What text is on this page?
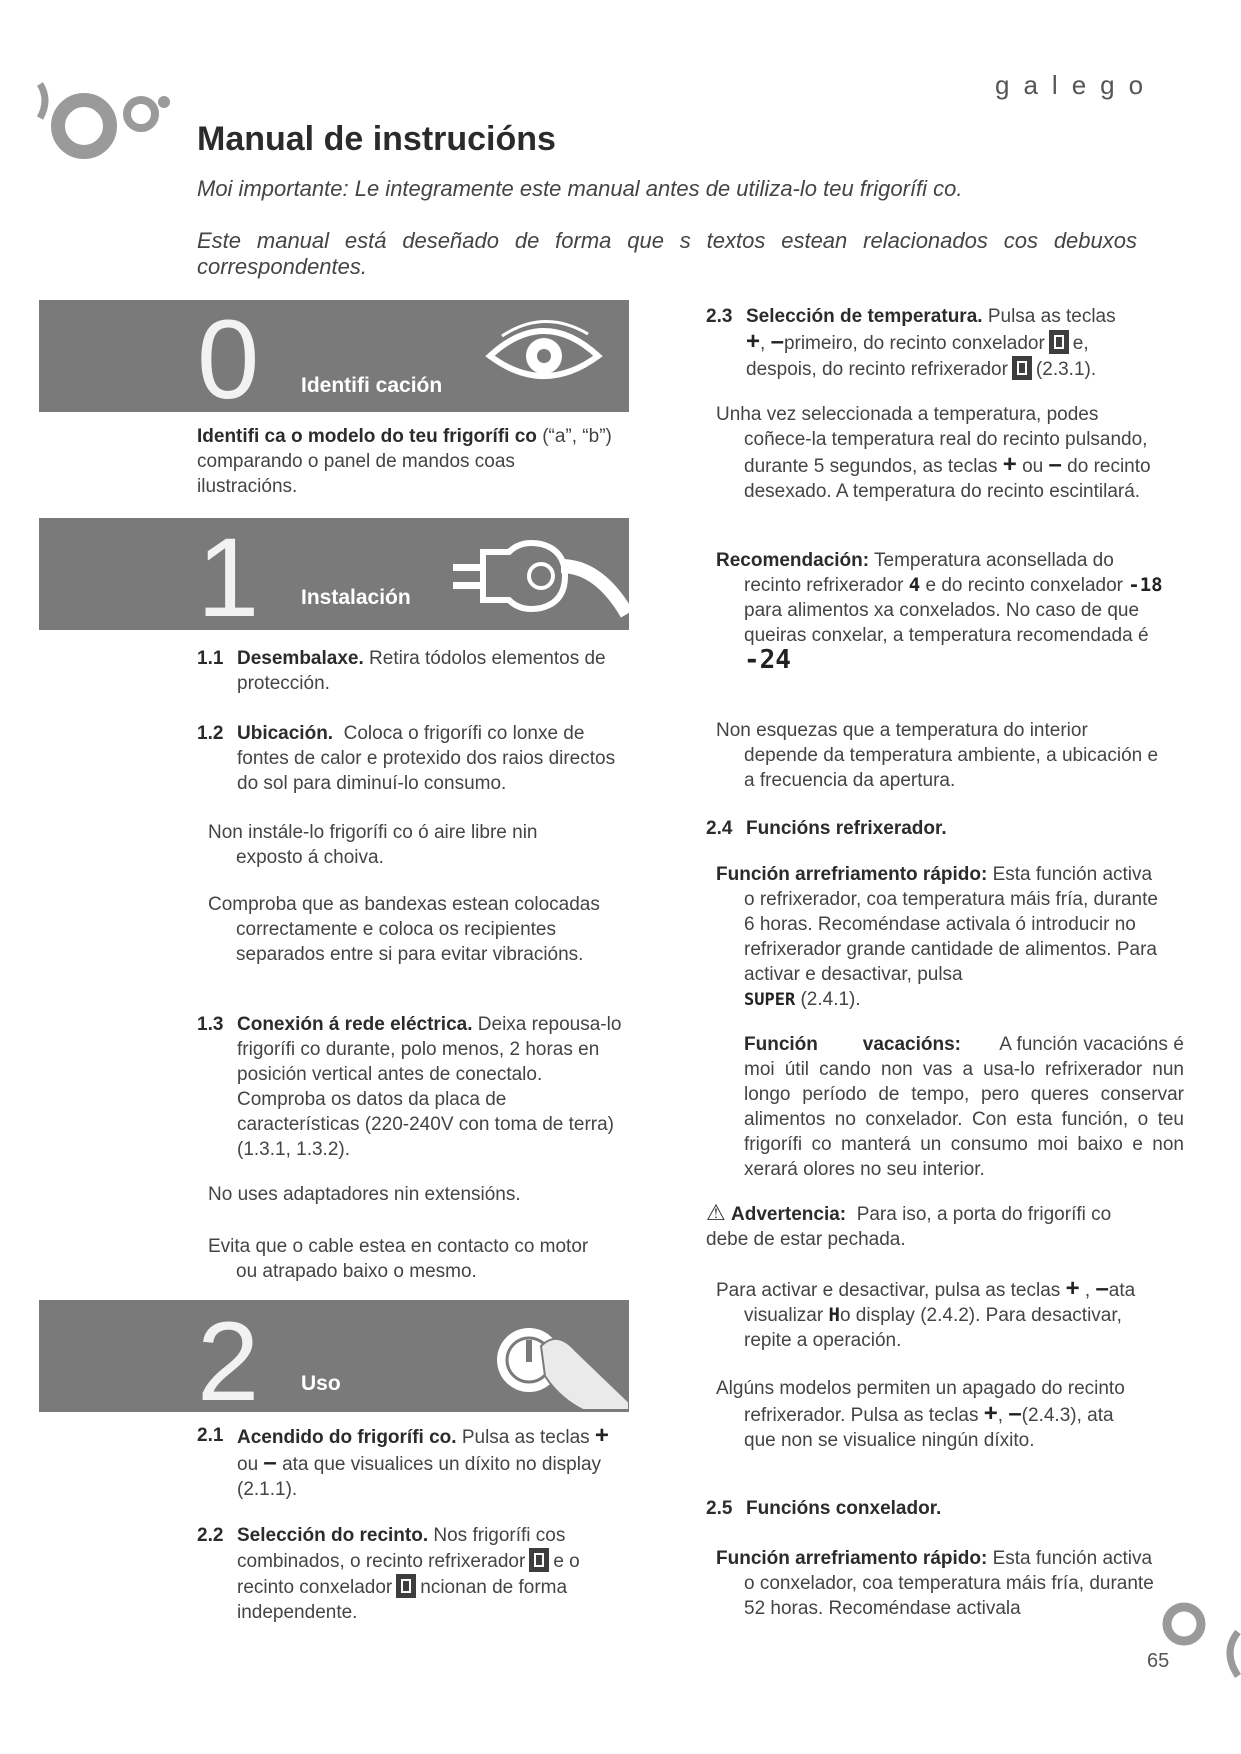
galego
Manual de instrucións
Moi importante: Le integramente este manual antes de utiliza-lo teu frigorífi co.
Este manual está deseñado de forma que s textos estean relacionados cos debuxos correspondentes.
0 Identifi cación
Identifi ca o modelo do teu frigorífi co (“a”, “b”) comparando o panel de mandos coas ilustracións.
1 Instalación
1.1 Desembalaxe. Retira tódolos elementos de protección.

1.2 Ubicación. Coloca o frigorífi co lonxe de fontes de calor e protexido dos raios directos do sol para diminuí-lo consumo.

Non instále-lo frigorífi co ó aire libre nin exposto á choiva.
Comproba que as bandexas estean colocadas correctamente e coloca os recipientes separados entre si para evitar vibracións.
1.3 Conexión á rede eléctrica. Deixa repousa-lo frigorífi co durante, polo menos, 2 horas en posición vertical antes de conectalo. Comproba os datos da placa de características (220-240V con toma de terra) (1.3.1, 1.3.2).

No uses adaptadores nin extensións.
Evita que o cable estea en contacto co motor ou atrapado baixo o mesmo.
2 Uso
2.1 Acendido do frigorífi co. Pulsa as teclas +
ou – ata que visualices un díxito no display (2.1.1).

2.2 Selección do recinto. Nos frigorífi cos combinados, o recinto refrixerador e o recinto conxelador ncionan de forma independente.

2.3 Selección de temperatura. Pulsa as teclas
+, –primeiro, do recinto conxelador e, despois, do recinto refrixerador (2.3.1).

Unha vez seleccionada a temperatura, podes coñece-la temperatura real do recinto pulsando, durante 5 segundos, as teclas + ou – do recinto desexado. A temperatura do recinto escintilará.
Recomendación: Temperatura aconsellada do recinto refrixerador 4 e do recinto conxelador -18 para alimentos xa conxelados. No caso de que queiras conxelar, a temperatura recomendada é
-24
Non esquezas que a temperatura do interior depende da temperatura ambiente, a ubicación e a frecuencia da apertura.
2.4 Funcións refrixerador.

Función arrefriamento rápido: Esta función activa o refrixerador, coa temperatura máis fría, durante 6 horas. Recoméndase activala ó introducir no refrixerador grande cantidade de alimentos. Para activar e desactivar, pulsa
SUPER (2.4.1).
Función vacacións: A función vacacións é moi útil cando non vas a usa-lo refrixerador nun longo período de tempo, pero queres conservar alimentos no conxelador. Con esta función, o teu frigorífi co manterá un consumo moi baixo e non xerará olores no seu interior.
⚠ Advertencia: Para iso, a porta do frigorífi co debe de estar pechada.
Para activar e desactivar, pulsa as teclas + , –ata visualizar Ho display (2.4.2). Para desactivar, repite a operación.
Algúns modelos permiten un apagado do recinto refrixerador. Pulsa as teclas +, –(2.4.3), ata que non se visualice ningún díxito.
2.5 Funcións conxelador.

Función arrefriamento rápido: Esta función activa o conxelador, coa temperatura máis fría, durante 52 horas. Recoméndase activala
65
